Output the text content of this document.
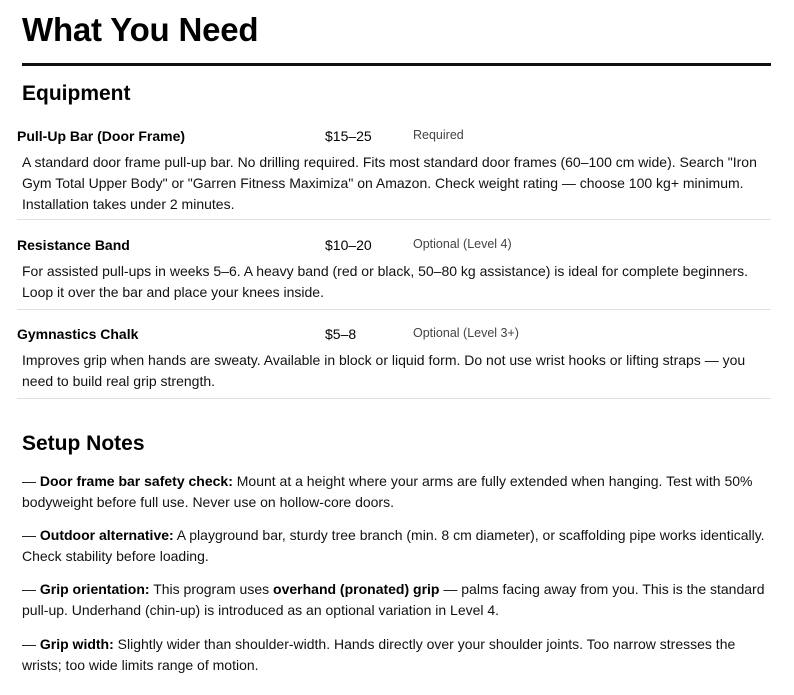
What You Need
Equipment
Pull-Up Bar (Door Frame)	$15–25	Required

A standard door frame pull-up bar. No drilling required. Fits most standard door frames (60–100 cm wide). Search "Iron Gym Total Upper Body" or "Garren Fitness Maximiza" on Amazon. Check weight rating — choose 100 kg+ minimum. Installation takes under 2 minutes.

Resistance Band	$10–20	Optional (Level 4)

For assisted pull-ups in weeks 5–6. A heavy band (red or black, 50–80 kg assistance) is ideal for complete beginners. Loop it over the bar and place your knees inside.

Gymnastics Chalk	$5–8	Optional (Level 3+)

Improves grip when hands are sweaty. Available in block or liquid form. Do not use wrist hooks or lifting straps — you need to build real grip strength.

Setup Notes

— Door frame bar safety check: Mount at a height where your arms are fully extended when hanging. Test with 50% bodyweight before full use. Never use on hollow-core doors.

— Outdoor alternative: A playground bar, sturdy tree branch (min. 8 cm diameter), or scaffolding pipe works identically. Check stability before loading.

— Grip orientation: This program uses overhand (pronated) grip — palms facing away from you. This is the standard pull-up. Underhand (chin-up) is introduced as an optional variation in Level 4.

— Grip width: Slightly wider than shoulder-width. Hands directly over your shoulder joints. Too narrow stresses the wrists; too wide limits range of motion.
